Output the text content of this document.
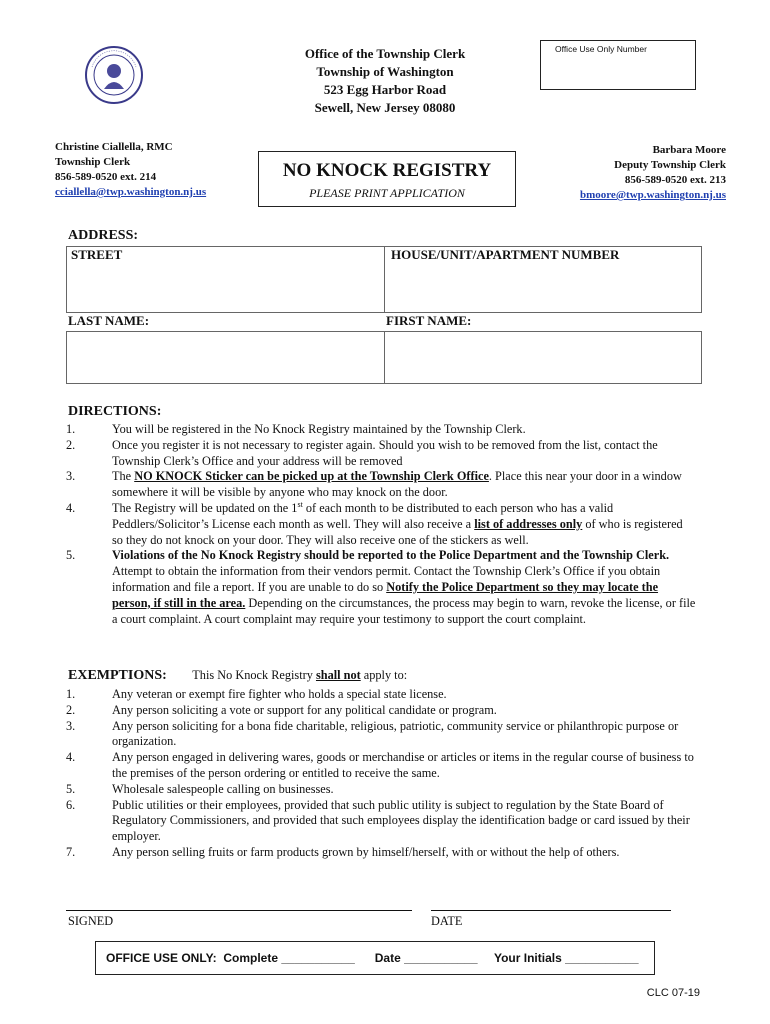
Office of the Township Clerk
Township of Washington
523 Egg Harbor Road
Sewell, New Jersey 08080
Office Use Only Number
Christine Ciallella, RMC
Township Clerk
856-589-0520 ext. 214
cciallella@twp.washington.nj.us
Barbara Moore
Deputy Township Clerk
856-589-0520 ext. 213
bmoore@twp.washington.nj.us
NO KNOCK REGISTRY
PLEASE PRINT APPLICATION
ADDRESS:
STREET	HOUSE/UNIT/APARTMENT NUMBER
LAST NAME:	FIRST NAME:

DIRECTIONS:
1.	You will be registered in the No Knock Registry maintained by the Township Clerk.
2.	Once you register it is not necessary to register again. Should you wish to be removed from the list, contact the Township Clerk’s Office and your address will be removed
3.	The NO KNOCK Sticker can be picked up at the Township Clerk Office. Place this near your door in a window somewhere it will be visible by anyone who may knock on the door.
4.	The Registry will be updated on the 1st of each month to be distributed to each person who has a valid Peddlers/Solicitor’s License each month as well. They will also receive a list of addresses only of who is registered so they do not knock on your door. They will also receive one of the stickers as well.
5.	Violations of the No Knock Registry should be reported to the Police Department and the Township Clerk. Attempt to obtain the information from their vendors permit. Contact the Township Clerk’s Office if you obtain information and file a report. If you are unable to do so Notify the Police Department so they may locate the person, if still in the area. Depending on the circumstances, the process may begin to warn, revoke the license, or file a court complaint. A court complaint may require your testimony to support the court complaint.
EXEMPTIONS: This No Knock Registry shall not apply to:
1.	Any veteran or exempt fire fighter who holds a special state license.
2.	Any person soliciting a vote or support for any political candidate or program.
3.	Any person soliciting for a bona fide charitable, religious, patriotic, community service or philanthropic purpose or organization.
4.	Any person engaged in delivering wares, goods or merchandise or articles or items in the regular course of business to the premises of the person ordering or entitled to receive the same.
5.	Wholesale salespeople calling on businesses.
6.	Public utilities or their employees, provided that such public utility is subject to regulation by the State Board of Regulatory Commissioners, and provided that such employees display the identification badge or card issued by their employer.
7.	Any person selling fruits or farm products grown by himself/herself, with or without the help of others.
SIGNED	DATE
OFFICE USE ONLY:  Complete ___________      Date ___________     Your Initials ___________
CLC 07-19
